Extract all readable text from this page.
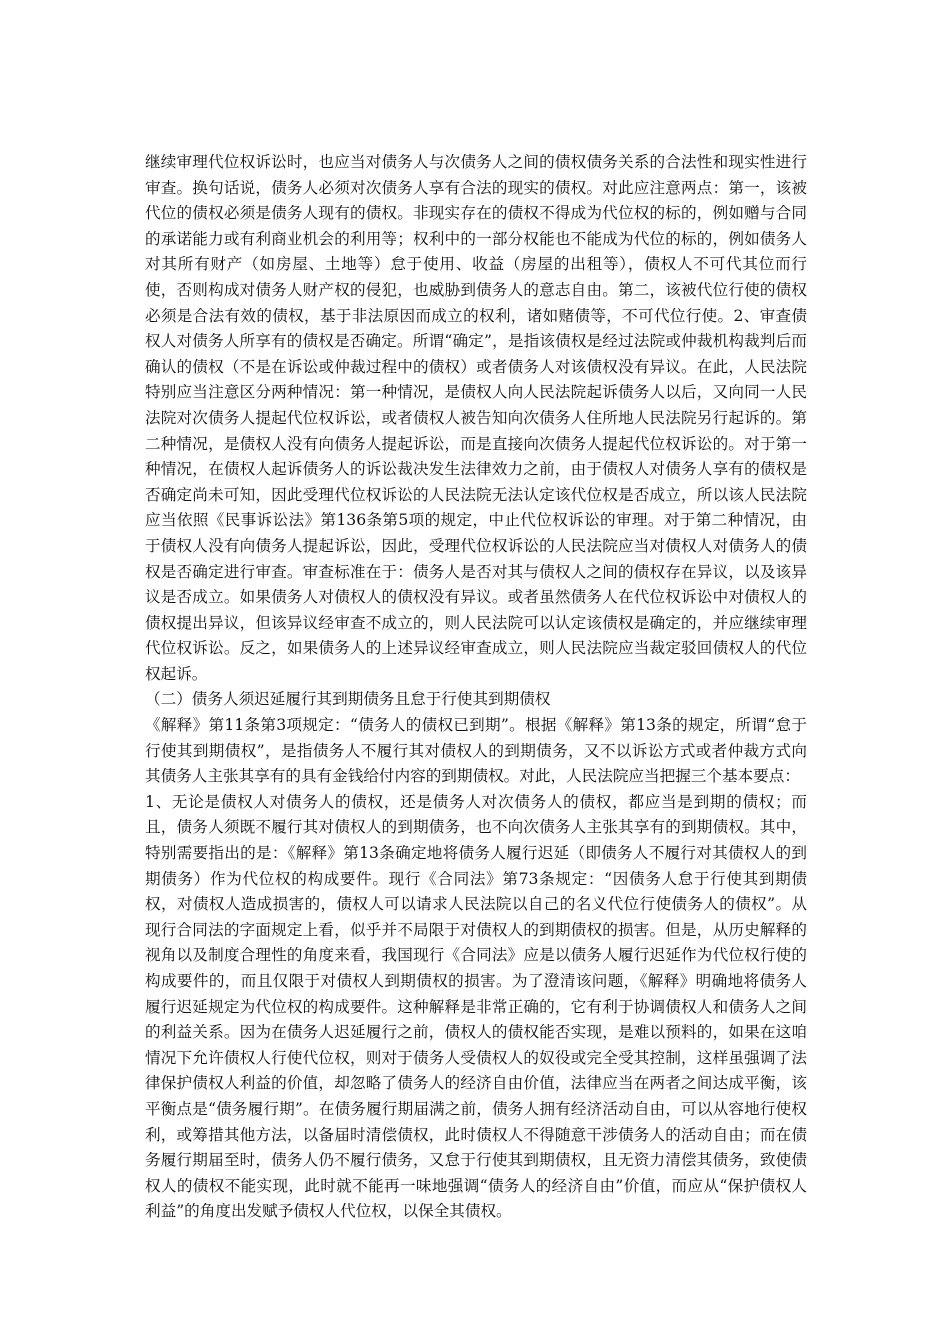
继续审理代位权诉讼时，也应当对债务人与次债务人之间的债权债务关系的合法性和现实性进行审查。换句话说，债务人必须对次债务人享有合法的现实的债权。对此应注意两点：第一，该被代位的债权必须是债务人现有的债权。非现实存在的债权不得成为代位权的标的，例如赠与合同的承诺能力或有利商业机会的利用等；权利中的一部分权能也不能成为代位的标的，例如债务人对其所有财产（如房屋、土地等）怠于使用、收益（房屋的出租等），债权人不可代其位而行使，否则构成对债务人财产权的侵犯，也威胁到债务人的意志自由。第二，该被代位行使的债权必须是合法有效的债权，基于非法原因而成立的权利，诸如赌债等，不可代位行使。2、审查债权人对债务人所享有的债权是否确定。所谓“确定”，是指该债权是经过法院或仲裁机构裁判后而确认的债权（不是在诉讼或仲裁过程中的债权）或者债务人对该债权没有异议。在此，人民法院特别应当注意区分两种情况：第一种情况，是债权人向人民法院起诉债务人以后，又向同一人民法院对次债务人提起代位权诉讼，或者债权人被告知向次债务人住所地人民法院另行起诉的。第二种情况，是债权人没有向债务人提起诉讼，而是直接向次债务人提起代位权诉讼的。对于第一种情况，在债权人起诉债务人的诉讼裁决发生法律效力之前，由于债权人对债务人享有的债权是否确定尚未可知，因此受理代位权诉讼的人民法院无法认定该代位权是否成立，所以该人民法院应当依照《民事诉讼法》第136条第5项的规定，中止代位权诉讼的审理。对于第二种情况，由于债权人没有向债务人提起诉讼，因此，受理代位权诉讼的人民法院应当对债权人对债务人的债权是否确定进行审查。审查标准在于：债务人是否对其与债权人之间的债权存在异议，以及该异议是否成立。如果债务人对债权人的债权没有异议。或者虽然债务人在代位权诉讼中对债权人的债权提出异议，但该异议经审查不成立的，则人民法院可以认定该债权是确定的，并应继续审理代位权诉讼。反之，如果债务人的上述异议经审查成立，则人民法院应当裁定驳回债权人的代位权起诉。

（二）债务人须迟延履行其到期债务且怠于行使其到期债权

《解释》第11条第3项规定：“债务人的债权已到期”。根据《解释》第13条的规定，所谓“怠于行使其到期债权”，是指债务人不履行其对债权人的到期债务，又不以诉讼方式或者仲裁方式向其债务人主张其享有的具有金钱给付内容的到期债权。对此，人民法院应当把握三个基本要点：

1、无论是债权人对债务人的债权，还是债务人对次债务人的债权，都应当是到期的债权；而且，债务人须既不履行其对债权人的到期债务，也不向次债务人主张其享有的到期债权。其中，特别需要指出的是：《解释》第13条确定地将债务人履行迟延（即债务人不履行对其债权人的到期债务）作为代位权的构成要件。现行《合同法》第73条规定：“因债务人怠于行使其到期债权，对债权人造成损害的，债权人可以请求人民法院以自己的名义代位行使债务人的债权”。从现行合同法的字面规定上看，似乎并不局限于对债权人的到期债权的损害。但是，从历史解释的视角以及制度合理性的角度来看，我国现行《合同法》应是以债务人履行迟延作为代位权行使的构成要件的，而且仅限于对债权人到期债权的损害。为了澄清该问题，《解释》明确地将债务人履行迟延规定为代位权的构成要件。这种解释是非常正确的，它有利于协调债权人和债务人之间的利益关系。因为在债务人迟延履行之前，债权人的债权能否实现，是难以预料的，如果在这咱情况下允许债权人行使代位权，则对于债务人受债权人的奴役或完全受其控制，这样虽强调了法律保护债权人利益的价值，却忽略了债务人的经济自由价值，法律应当在两者之间达成平衡，该平衡点是“债务履行期”。在债务履行期届满之前，债务人拥有经济活动自由，可以从容地行使权利，或筹措其他方法，以备届时清偿债权，此时债权人不得随意干涉债务人的活动自由；而在债务履行期届至时，债务人仍不履行债务，又怠于行使其到期债权，且无资力清偿其债务，致使债权人的债权不能实现，此时就不能再一味地强调“债务人的经济自由”价值，而应从“保护债权人利益”的角度出发赋予债权人代位权，以保全其债权。
